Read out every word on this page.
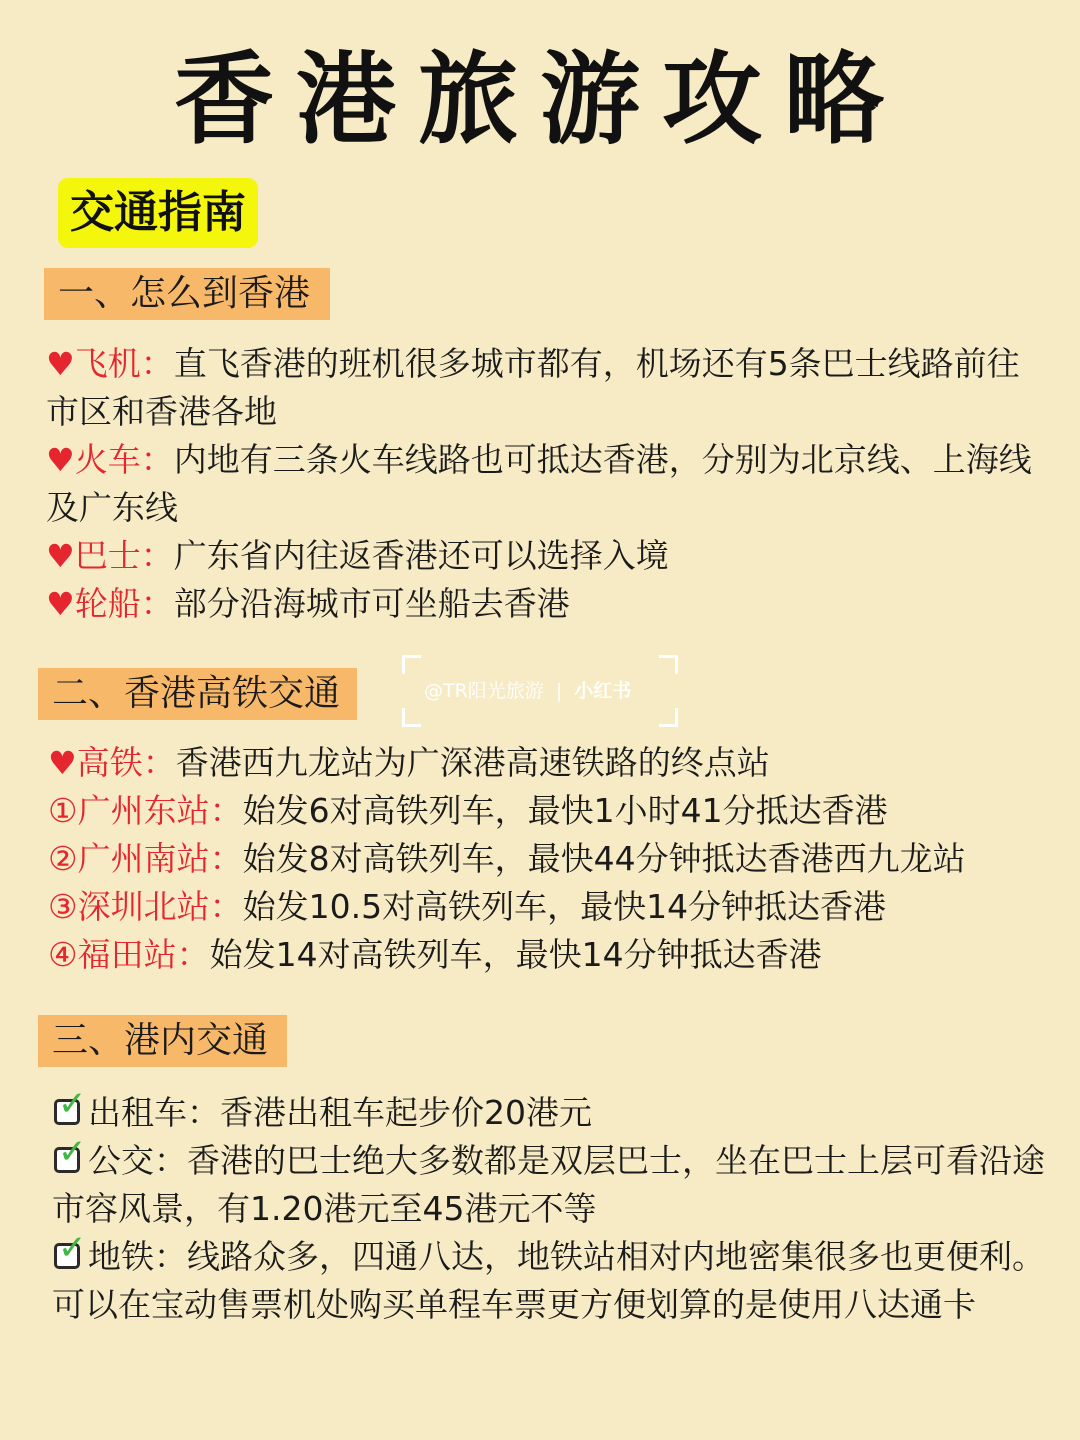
香港旅游攻略
交通指南
一、怎么到香港

♥飞机：直飞香港的班机很多城市都有，机场还有5条巴士线路前往市区和香港各地

♥火车：内地有三条火车线路也可抵达香港，分别为北京线、上海线及广东线

♥巴士：广东省内往返香港还可以选择入境

♥轮船：部分沿海城市可坐船去香港

二、香港高铁交通	@TR阳光旅游 | 小红书

♥高铁：香港西九龙站为广深港高速铁路的终点站

①广州东站：始发6对高铁列车，最快1小时41分抵达香港

②广州南站：始发8对高铁列车，最快44分钟抵达香港西九龙站

③深圳北站：始发10.5对高铁列车，最快14分钟抵达香港

④福田站：始发14对高铁列车，最快14分钟抵达香港

三、港内交通

✓ 出租车：香港出租车起步价20港元

✓ 公交：香港的巴士绝大多数都是双层巴士，坐在巴士上层可看沿途市容风景，有1.20港元至45港元不等

✓ 地铁：线路众多，四通八达，地铁站相对内地密集很多也更便利。可以在宝动售票机处购买单程车票更方便划算的是使用八达通卡
